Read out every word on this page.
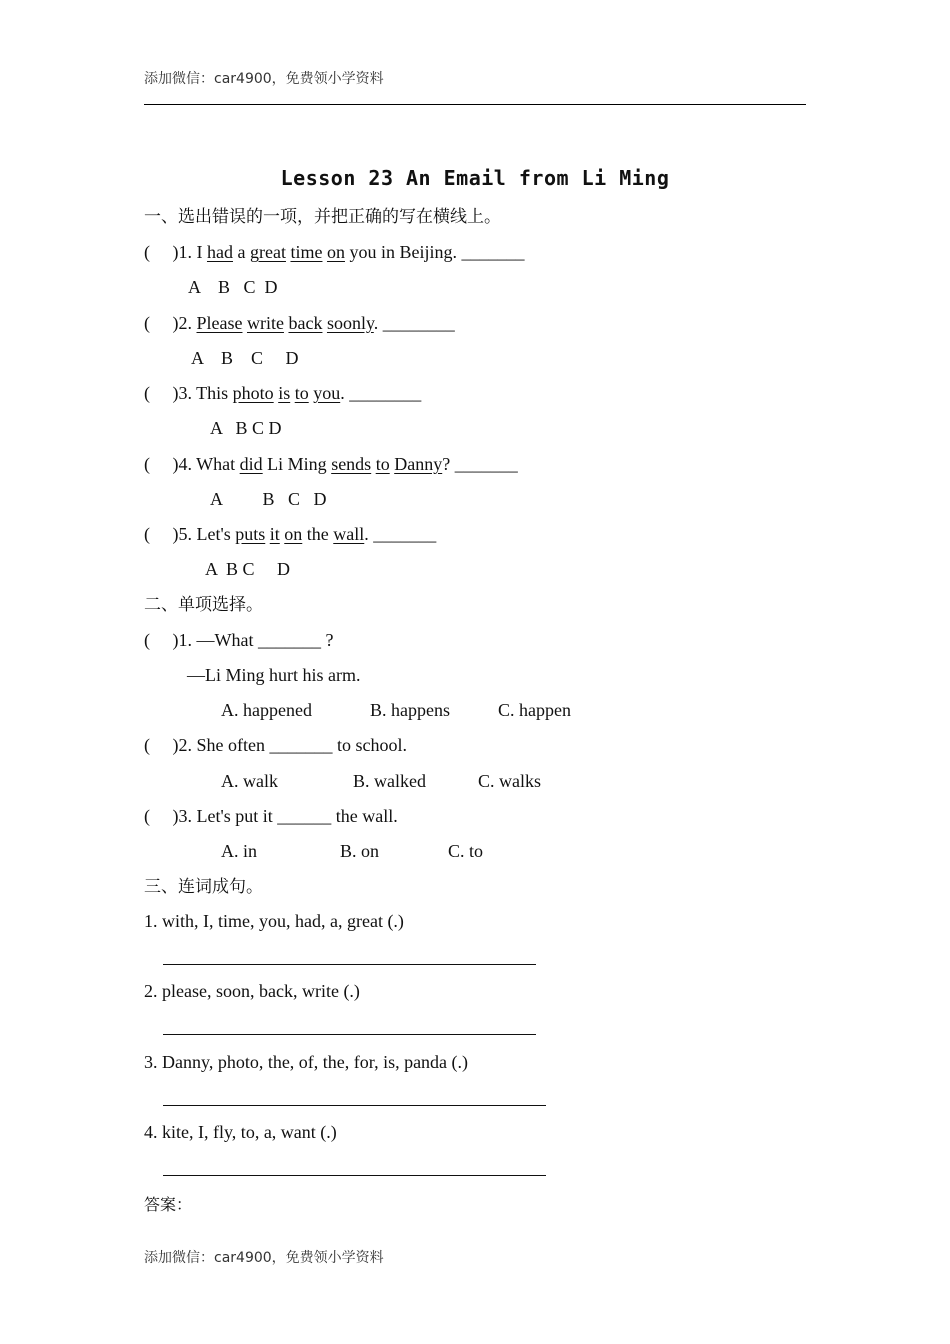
添加微信：car4900，免费领小学资料
Lesson 23 An Email from Li Ming
一、选出错误的一项，并把正确的写在横线上。
(     )1. I had a great time on you in Beijing. _______
A    B   C  D
(     )2. Please write back soonly. ________
A    B    C     D
(     )3. This photo is to you. ________
A   B C D
(     )4. What did Li Ming sends to Danny? _______
A         B   C   D
(     )5. Let's puts it on the wall. _______
A  B C     D
二、单项选择。
(     )1. —What _______ ?
—Li Ming hurt his arm.
A. happened	B. happens	C. happen
(     )2. She often _______ to school.
A. walk	B. walked	C. walks
(     )3. Let's put it ______ the wall.
A. in	B. on	C. to
三、连词成句。
1. with, I, time, you, had, a, great (.)
2. please, soon, back, write (.)
3. Danny, photo, the, of, the, for, is, panda (.)
4. kite, I, fly, to, a, want (.)
答案：
添加微信：car4900，免费领小学资料
